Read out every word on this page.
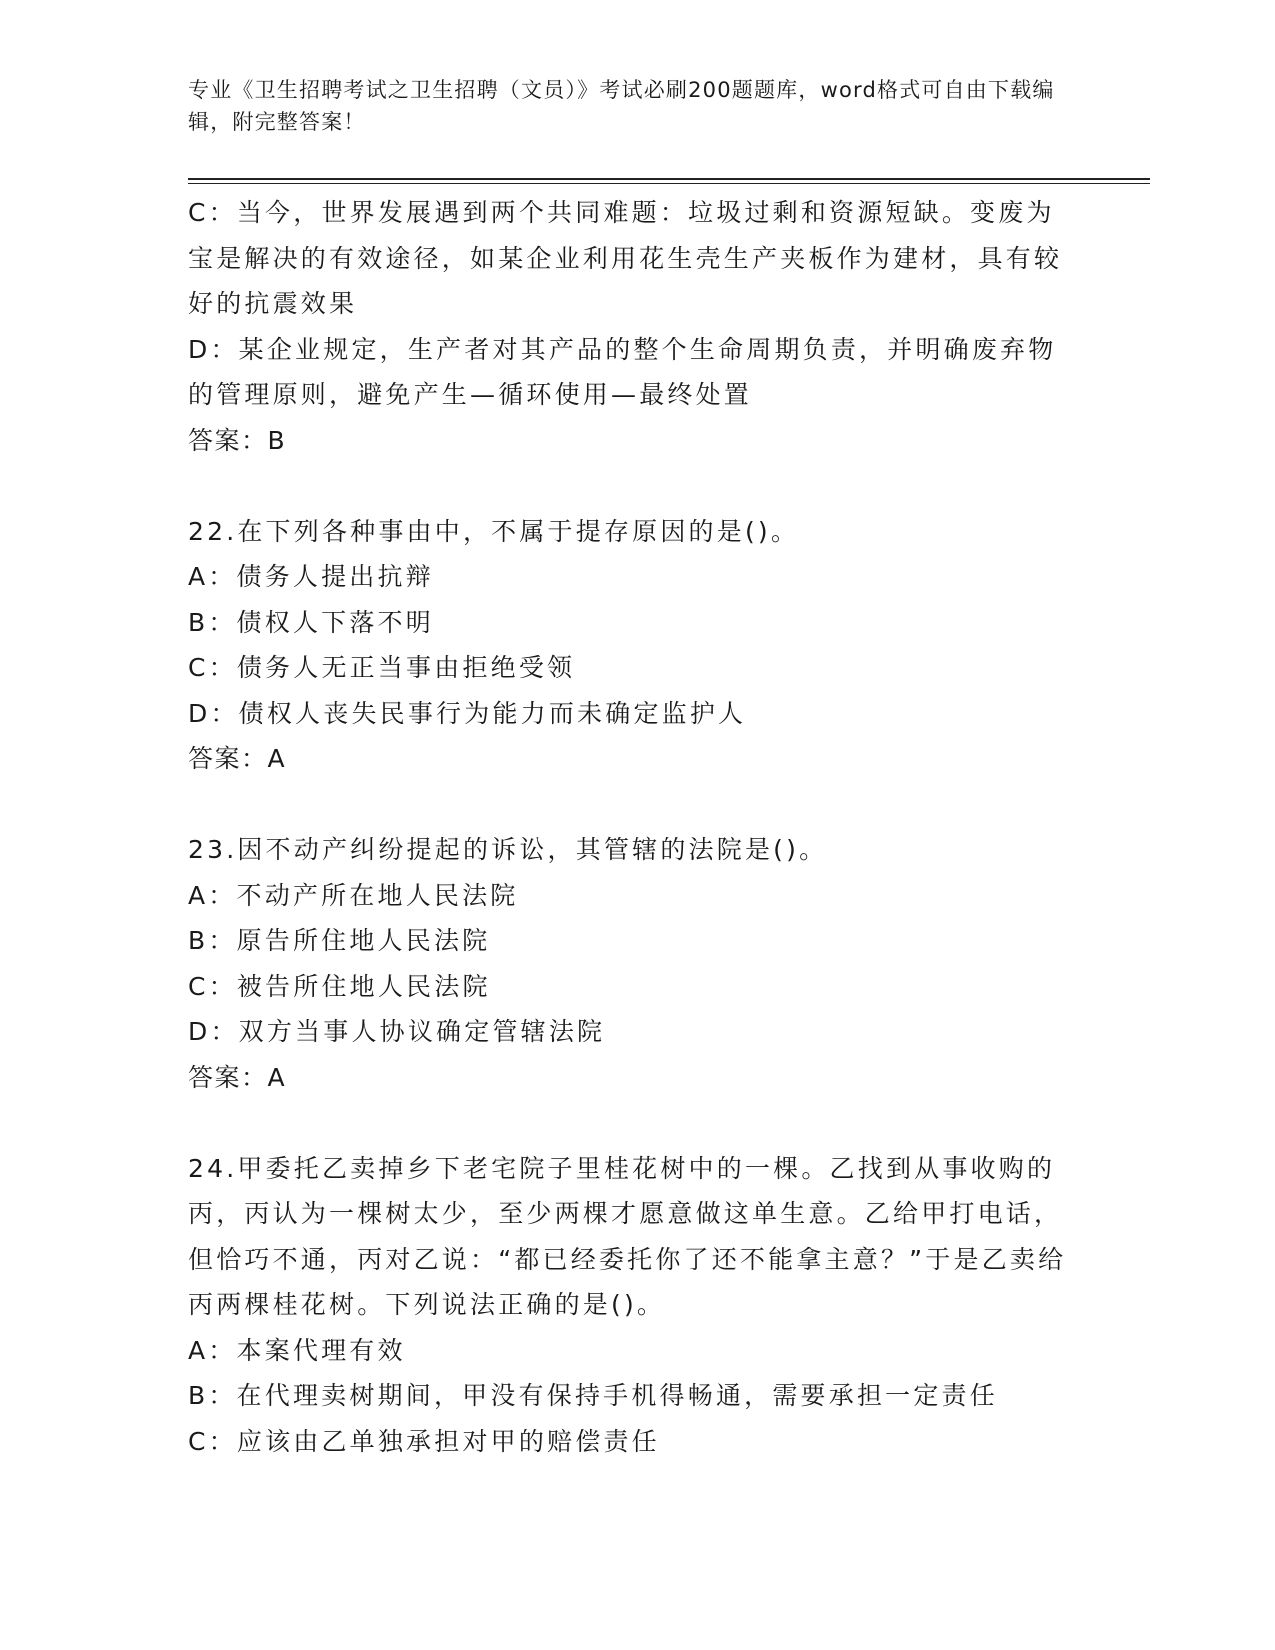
专业《卫生招聘考试之卫生招聘（文员）》考试必刷200题题库，word格式可自由下载编辑，附完整答案！

C：当今，世界发展遇到两个共同难题：垃圾过剩和资源短缺。变废为宝是解决的有效途径，如某企业利用花生壳生产夹板作为建材，具有较好的抗震效果

D：某企业规定，生产者对其产品的整个生命周期负责，并明确废弃物的管理原则，避免产生—循环使用—最终处置

答案：B

22.在下列各种事由中，不属于提存原因的是()。

A：债务人提出抗辩

B：债权人下落不明

C：债务人无正当事由拒绝受领

D：债权人丧失民事行为能力而未确定监护人

答案：A

23.因不动产纠纷提起的诉讼，其管辖的法院是()。

A：不动产所在地人民法院

B：原告所住地人民法院

C：被告所住地人民法院

D：双方当事人协议确定管辖法院

答案：A

24.甲委托乙卖掉乡下老宅院子里桂花树中的一棵。乙找到从事收购的丙，丙认为一棵树太少，至少两棵才愿意做这单生意。乙给甲打电话，但恰巧不通，丙对乙说：“都已经委托你了还不能拿主意？”于是乙卖给丙两棵桂花树。下列说法正确的是()。

A：本案代理有效

B：在代理卖树期间，甲没有保持手机得畅通，需要承担一定责任

C：应该由乙单独承担对甲的赔偿责任
